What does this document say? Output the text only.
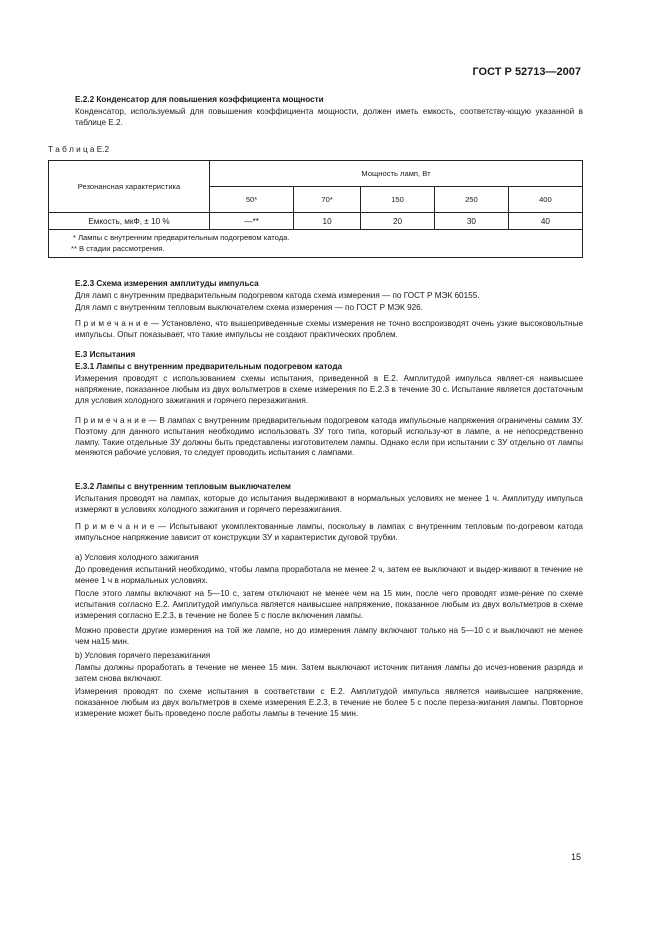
ГОСТ Р 52713—2007
Е.2.2 Конденсатор для повышения коэффициента мощности
Конденсатор, используемый для повышения коэффициента мощности, должен иметь емкость, соответству-ющую указанной в таблице Е.2.
Т а б л и ц а Е.2
Резонансная характеристика	Мощность ламп, Вт				
	50*	70*	150	250	400
Емкость, мкФ, ± 10 %	—**	10	20	30	40

* Лампы с внутренним предварительным подогревом катода.
** В стадии рассмотрения.					
Е.2.3 Схема измерения амплитуды импульса
Для ламп с внутренним предварительным подогревом катода схема измерения — по ГОСТ Р МЭК 60155.
Для ламп с внутренним тепловым выключателем схема измерения — по ГОСТ Р МЭК 926.
П р и м е ч а н и е — Установлено, что вышеприведенные схемы измерения не точно воспроизводят очень узкие высоковольтные импульсы. Опыт показывает, что такие импульсы не создают практических проблем.
Е.3 Испытания
Е.3.1 Лампы с внутренним предварительным подогревом катода
Измерения проводят с использованием схемы испытания, приведенной в Е.2. Амплитудой импульса являет-ся наивысшее напряжение, показанное любым из двух вольтметров в схеме измерения по Е.2.3 в течение 30 с. Испытание является достаточным для условия холодного зажигания и горячего перезажигания.
П р и м е ч а н и е — В лампах с внутренним предварительным подогревом катода импульсные напряжения ограничены самим ЗУ. Поэтому для данного испытания необходимо использовать ЗУ того типа, который использу-ют в лампе, а не непосредственно лампу. Такие отдельные ЗУ должны быть представлены изготовителем лампы. Однако если при испытании с ЗУ отдельно от лампы меняются рабочие условия, то следует проводить испытания с лампами.
Е.3.2 Лампы с внутренним тепловым выключателем
Испытания проводят на лампах, которые до испытания выдерживают в нормальных условиях не менее 1 ч. Амплитуду импульса измеряют в условиях холодного зажигания и горячего перезажигания.
П р и м е ч а н и е — Испытывают укомплектованные лампы, поскольку в лампах с внутренним тепловым по-догревом катода импульсное напряжение зависит от конструкции ЗУ и характеристик дуговой трубки.
a) Условия холодного зажигания
До проведения испытаний необходимо, чтобы лампа проработала не менее 2 ч, затем ее выключают и выдер-живают в течение не менее 1 ч в нормальных условиях.
После этого лампы включают на 5—10 с, затем отключают не менее чем на 15 мин, после чего проводят изме-рение по схеме испытания согласно Е.2. Амплитудой импульса является наивысшее напряжение, показанное любым из двух вольтметров в схеме измерения согласно Е.2.3, в течение не более 5 с после включения лампы.
Можно провести другие измерения на той же лампе, но до измерения лампу включают только на 5—10 с и выключают не менее чем на15 мин.
b) Условия горячего перезажигания
Лампы должны проработать в течение не менее 15 мин. Затем выключают источник питания лампы до исчез-новения разряда и затем снова включают.
Измерения проводят по схеме испытания в соответствии с Е.2. Амплитудой импульса является наивысшее напряжение, показанное любым из двух вольтметров в схеме измерения Е.2.3, в течение не более 5 с после переза-жигания лампы. Повторное измерение может быть проведено после работы лампы в течение 15 мин.
15
